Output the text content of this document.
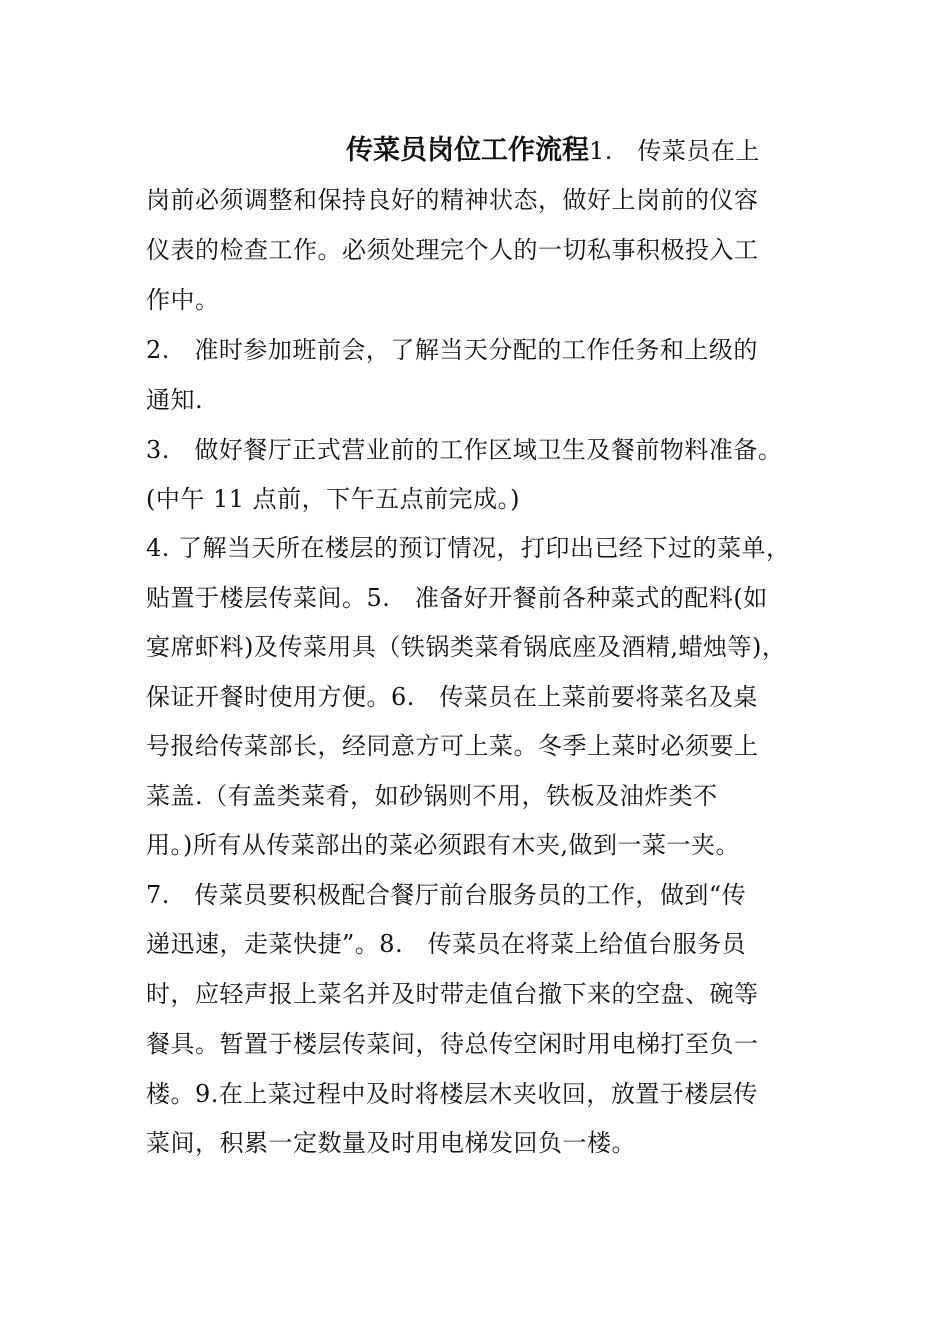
传菜员岗位工作流程1.　传菜员在上
岗前必须调整和保持良好的精神状态，做好上岗前的仪容
仪表的检查工作。必须处理完个人的一切私事积极投入工
作中。
2.　准时参加班前会，了解当天分配的工作任务和上级的
通知.
3.　做好餐厅正式营业前的工作区域卫生及餐前物料准备。
(中午 11 点前，下午五点前完成。)
4. 了解当天所在楼层的预订情况，打印出已经下过的菜单，
贴置于楼层传菜间。5.　准备好开餐前各种菜式的配料(如
宴席虾料)及传菜用具（铁锅类菜肴锅底座及酒精,蜡烛等)，
保证开餐时使用方便。6.　传菜员在上菜前要将菜名及桌
号报给传菜部长，经同意方可上菜。冬季上菜时必须要上
菜盖.（有盖类菜肴，如砂锅则不用，铁板及油炸类不
用。)所有从传菜部出的菜必须跟有木夹,做到一菜一夹。
7.　传菜员要积极配合餐厅前台服务员的工作，做到“传
递迅速，走菜快捷”。8.　传菜员在将菜上给值台服务员
时，应轻声报上菜名并及时带走值台撤下来的空盘、碗等
餐具。暂置于楼层传菜间，待总传空闲时用电梯打至负一
楼。9.在上菜过程中及时将楼层木夹收回，放置于楼层传
菜间，积累一定数量及时用电梯发回负一楼。
